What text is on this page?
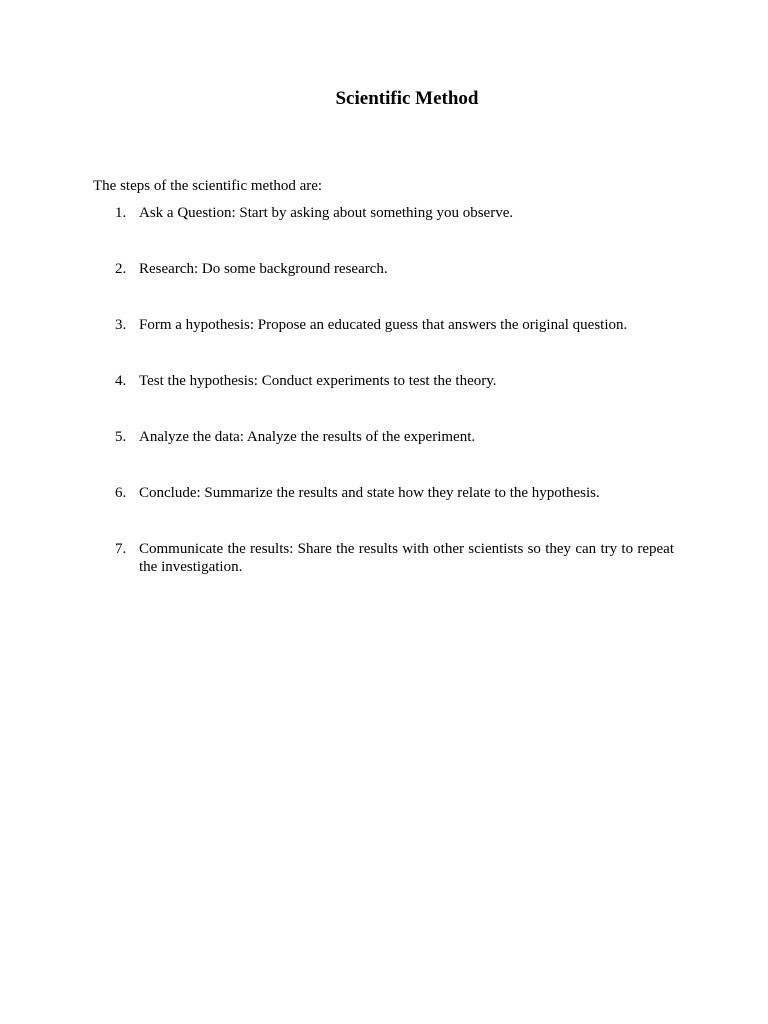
Scientific Method

The steps of the scientific method are:

1. Ask a Question: Start by asking about something you observe.
2. Research: Do some background research.
3. Form a hypothesis: Propose an educated guess that answers the original question.
4. Test the hypothesis: Conduct experiments to test the theory.
5. Analyze the data: Analyze the results of the experiment.
6. Conclude: Summarize the results and state how they relate to the hypothesis.
7. Communicate the results: Share the results with other scientists so they can try to repeat the investigation.
